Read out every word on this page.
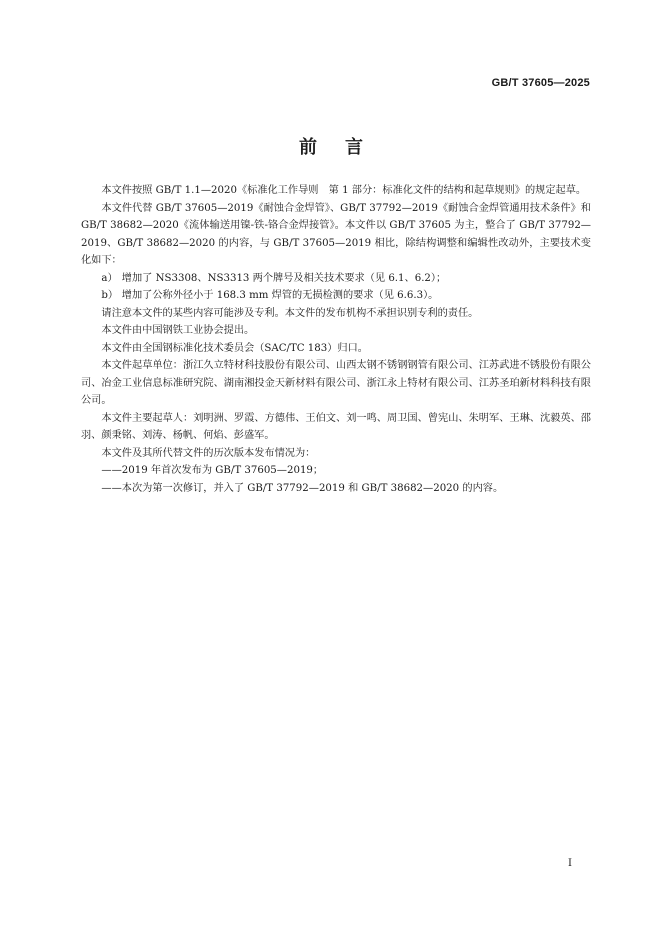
GB/T 37605—2025
前言

本文件按照 GB/T 1.1—2020《标准化工作导则　第 1 部分：标准化文件的结构和起草规则》的规定起草。

本文件代替 GB/T 37605—2019《耐蚀合金焊管》、GB/T 37792—2019《耐蚀合金焊管通用技术条件》和 GB/T 38682—2020《流体输送用镍-铁-铬合金焊接管》。本文件以 GB/T 37605 为主，整合了 GB/T 37792—2019、GB/T 38682—2020 的内容，与 GB/T 37605—2019 相比，除结构调整和编辑性改动外，主要技术变化如下：

a） 增加了 NS3308、NS3313 两个牌号及相关技术要求（见 6.1、6.2）；

b） 增加了公称外径小于 168.3 mm 焊管的无损检测的要求（见 6.6.3）。

请注意本文件的某些内容可能涉及专利。本文件的发布机构不承担识别专利的责任。

本文件由中国钢铁工业协会提出。

本文件由全国钢标准化技术委员会（SAC/TC 183）归口。

本文件起草单位：浙江久立特材科技股份有限公司、山西太钢不锈钢钢管有限公司、江苏武进不锈股份有限公司、冶金工业信息标准研究院、湖南湘投金天新材料有限公司、浙江永上特材有限公司、江苏圣珀新材料科技有限公司。

本文件主要起草人：刘明洲、罗霞、方德伟、王伯文、刘一鸣、周卫国、曾宪山、朱明军、王琳、沈毅英、邵羽、颜秉铭、刘涛、杨帆、何焰、彭盛军。

本文件及其所代替文件的历次版本发布情况为：

——2019 年首次发布为 GB/T 37605—2019；

——本次为第一次修订，并入了 GB/T 37792—2019 和 GB/T 38682—2020 的内容。

I
